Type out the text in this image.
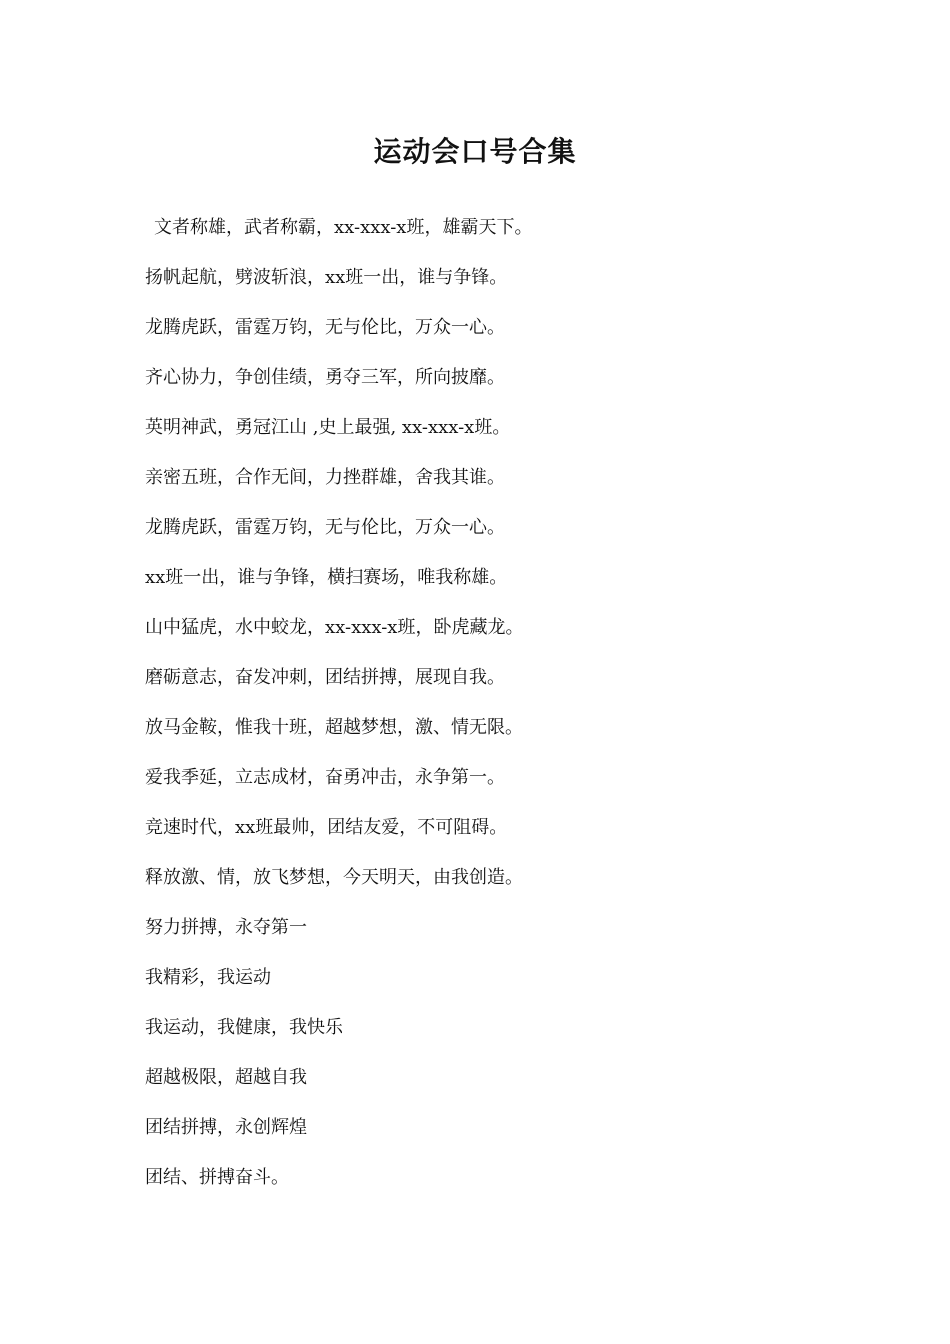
运动会口号合集
文者称雄，武者称霸，xx-xxx-x班，雄霸天下。
扬帆起航，劈波斩浪，xx班一出，谁与争锋。
龙腾虎跃，雷霆万钧，无与伦比，万众一心。
齐心协力，争创佳绩，勇夺三军，所向披靡。
英明神武，勇冠江山 ,史上最强, xx-xxx-x班。
亲密五班，合作无间，力挫群雄，舍我其谁。
龙腾虎跃，雷霆万钧，无与伦比，万众一心。
xx班一出，谁与争锋，横扫赛场，唯我称雄。
山中猛虎，水中蛟龙，xx-xxx-x班，卧虎藏龙。
磨砺意志，奋发冲刺，团结拼搏，展现自我。
放马金鞍，惟我十班，超越梦想，激、情无限。
爱我季延，立志成材，奋勇冲击，永争第一。
竞速时代，xx班最帅，团结友爱，不可阻碍。
释放激、情，放飞梦想，今天明天，由我创造。
努力拼搏，永夺第一
我精彩，我运动
我运动，我健康，我快乐
超越极限，超越自我
团结拼搏，永创辉煌
团结、拼搏奋斗。
